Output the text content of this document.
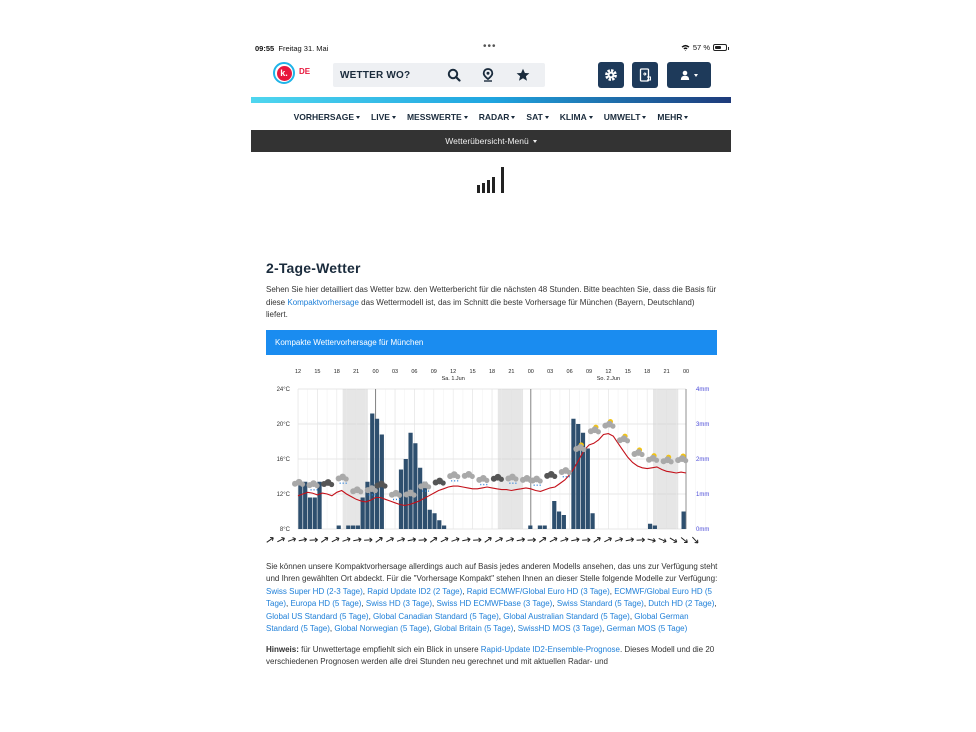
09:55 Freitag 31. Mai	•••	57 %
k.	DE	WETTER WO?
VORHERSAGE LIVE MESSWERTE RADAR SAT KLIMA UMWELT MEHR
Wetterübersicht-Menü
2-Tage-Wetter

Sehen Sie hier detailliert das Wetter bzw. den Wetterbericht für die nächsten 48 Stunden. Bitte beachten Sie, dass die Basis für diese Kompaktvorhersage das Wettermodell ist, das im Schnitt die beste Vorhersage für München (Bayern, Deutschland) liefert.

Kompakte Wettervorhersage für München
12 15 18 21 00 03 06 09 12 15 18 21 00 03 06 09 12 15 18 21 00
Sa. 1.Jun	So. 2.Jun
24°C
20°C
16°C
12°C
8°C
4mm
3mm
2mm
1mm
0mm

Sie können unsere Kompaktvorhersage allerdings auch auf Basis jedes anderen Modells ansehen, das uns zur Verfügung steht und Ihren gewählten Ort abdeckt. Für die "Vorhersage Kompakt" stehen Ihnen an dieser Stelle folgende Modelle zur Verfügung: Swiss Super HD (2-3 Tage), Rapid Update ID2 (2 Tage), Rapid ECMWF/Global Euro HD (3 Tage), ECMWF/Global Euro HD (5 Tage), Europa HD (5 Tage), Swiss HD (3 Tage), Swiss HD ECMWFbase (3 Tage), Swiss Standard (5 Tage), Dutch HD (2 Tage), Global US Standard (5 Tage), Global Canadian Standard (5 Tage), Global Australian Standard (5 Tage), Global German Standard (5 Tage), Global Norwegian (5 Tage), Global Britain (5 Tage), SwissHD MOS (3 Tage), German MOS (5 Tage)

Hinweis: für Unwettertage empfiehlt sich ein Blick in unsere Rapid-Update ID2-Ensemble-Prognose. Dieses Modell und die 20 verschiedenen Prognosen werden alle drei Stunden neu gerechnet und mit aktuellen Radar- und
